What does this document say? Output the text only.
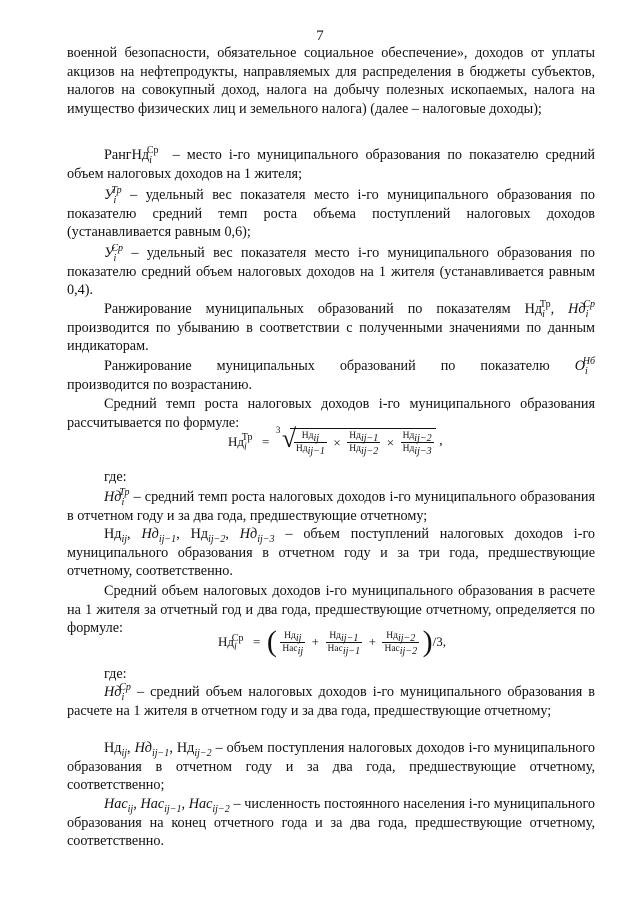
7

военной безопасности, обязательное социальное обеспечение», доходов от уплаты акцизов на нефтепродукты, направляемых для распределения в бюджеты субъектов, налогов на совокупный доход, налога на добычу полезных ископаемых, налога на имущество физических лиц и земельного налога) (далее – налоговые доходы);

РангНд$_i^{Ср}$ – место i-го муниципального образования по показателю средний объем налоговых доходов на 1 жителя;

$У_i^{Тр}$ – удельный вес показателя место i-го муниципального образования по показателю средний темп роста объема поступлений налоговых доходов (устанавливается равным 0,6);

$У_i^{Ср}$ – удельный вес показателя место i-го муниципального образования по показателю средний объем налоговых доходов на 1 жителя (устанавливается равным 0,4).

Ранжирование муниципальных образований по показателям $Нд_i^{Тр}$, $Нд_i^{Ср}$ производится по убыванию в соответствии с полученными значениями по данным индикаторам.

Ранжирование муниципальных образований по показателю $O_i^{Нб}$

производится по возрастанию.

Средний темп роста налоговых доходов i-го муниципального образования рассчитывается по формуле:

$Нд_i^{Тр}$ =
3 √
$\frac{Нд_{ij}}{Нд_{ij-1}} \times \frac{Нд_{ij-1}}{Нд_{ij-2}} \times \frac{Нд_{ij-2}}{Нд_{ij-3}}$ ,

где:

$Нд_i^{Тр}$ – средний темп роста налоговых доходов i-го муниципального образования в отчетном году и за два года, предшествующие отчетному;

$Нд_{ij}$, $Нд_{ij-1}$, $Нд_{ij-2}$, $Нд_{ij-3}$ – объем поступлений налоговых доходов i-го муниципального образования в отчетном году и за три года, предшествующие отчетному, соответственно.

Средний объем налоговых доходов i-го муниципального образования в расчете на 1 жителя за отчетный год и два года, предшествующие отчетному, определяется по формуле:

$Нд_i^{Ср}$ = ( $\frac{Нд_{ij}}{Нас_{ij}} + \frac{Нд_{ij-1}}{Нас_{ij-1}} + \frac{Нд_{ij-2}}{Нас_{ij-2}} )/3$,

где:

$Нд_i^{Ср}$ – средний объем налоговых доходов i-го муниципального образования в расчете на 1 жителя в отчетном году и за два года, предшествующие отчетному;

$Нд_{ij}$, $Нд_{ij-1}$, $Нд_{ij-2}$ – объем поступления налоговых доходов i-го муниципального образования в отчетном году и за два года, предшествующие отчетному, соответственно;

Нас$_{ij}$, Нас$_{ij-1}$, Нас$_{ij-2}$ – численность постоянного населения i-го муниципального образования на конец отчетного года и за два года, предшествующие отчетному, соответственно.
